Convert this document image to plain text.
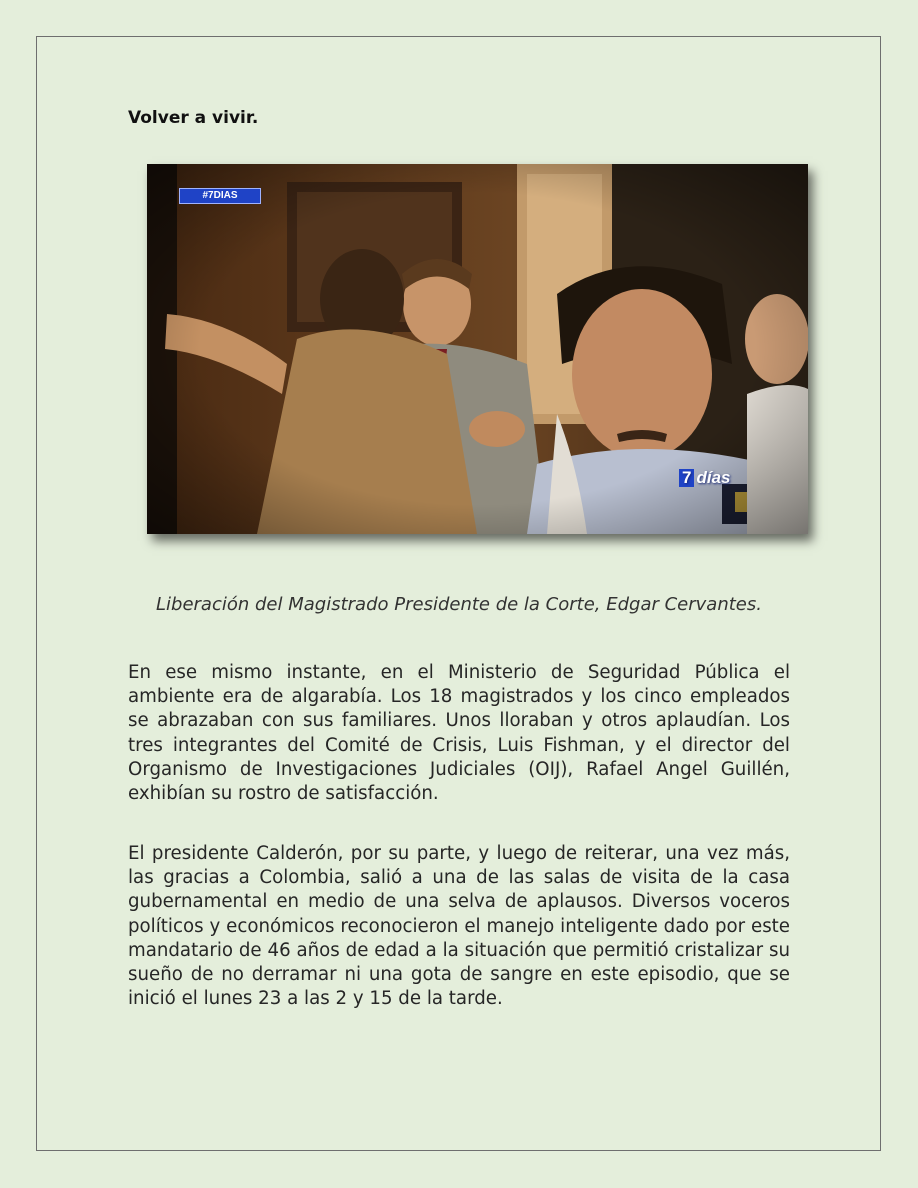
Volver a vivir.
#7DIAS
7 días

Liberación del Magistrado Presidente de la Corte, Edgar Cervantes.

En ese mismo instante, en el Ministerio de Seguridad Pública el ambiente era de algarabía. Los 18 magistrados y los cinco empleados se abrazaban con sus familiares. Unos lloraban y otros aplaudían. Los tres integrantes del Comité de Crisis, Luis Fishman, y el director del Organismo de Investigaciones Judiciales (OIJ), Rafael Angel Guillén, exhibían su rostro de satisfacción.

El presidente Calderón, por su parte, y luego de reiterar, una vez más, las gracias a Colombia, salió a una de las salas de visita de la casa gubernamental en medio de una selva de aplausos. Diversos voceros políticos y económicos reconocieron el manejo inteligente dado por este mandatario de 46 años de edad a la situación que permitió cristalizar su sueño de no derramar ni una gota de sangre en este episodio, que se inició el lunes 23 a las 2 y 15 de la tarde.
